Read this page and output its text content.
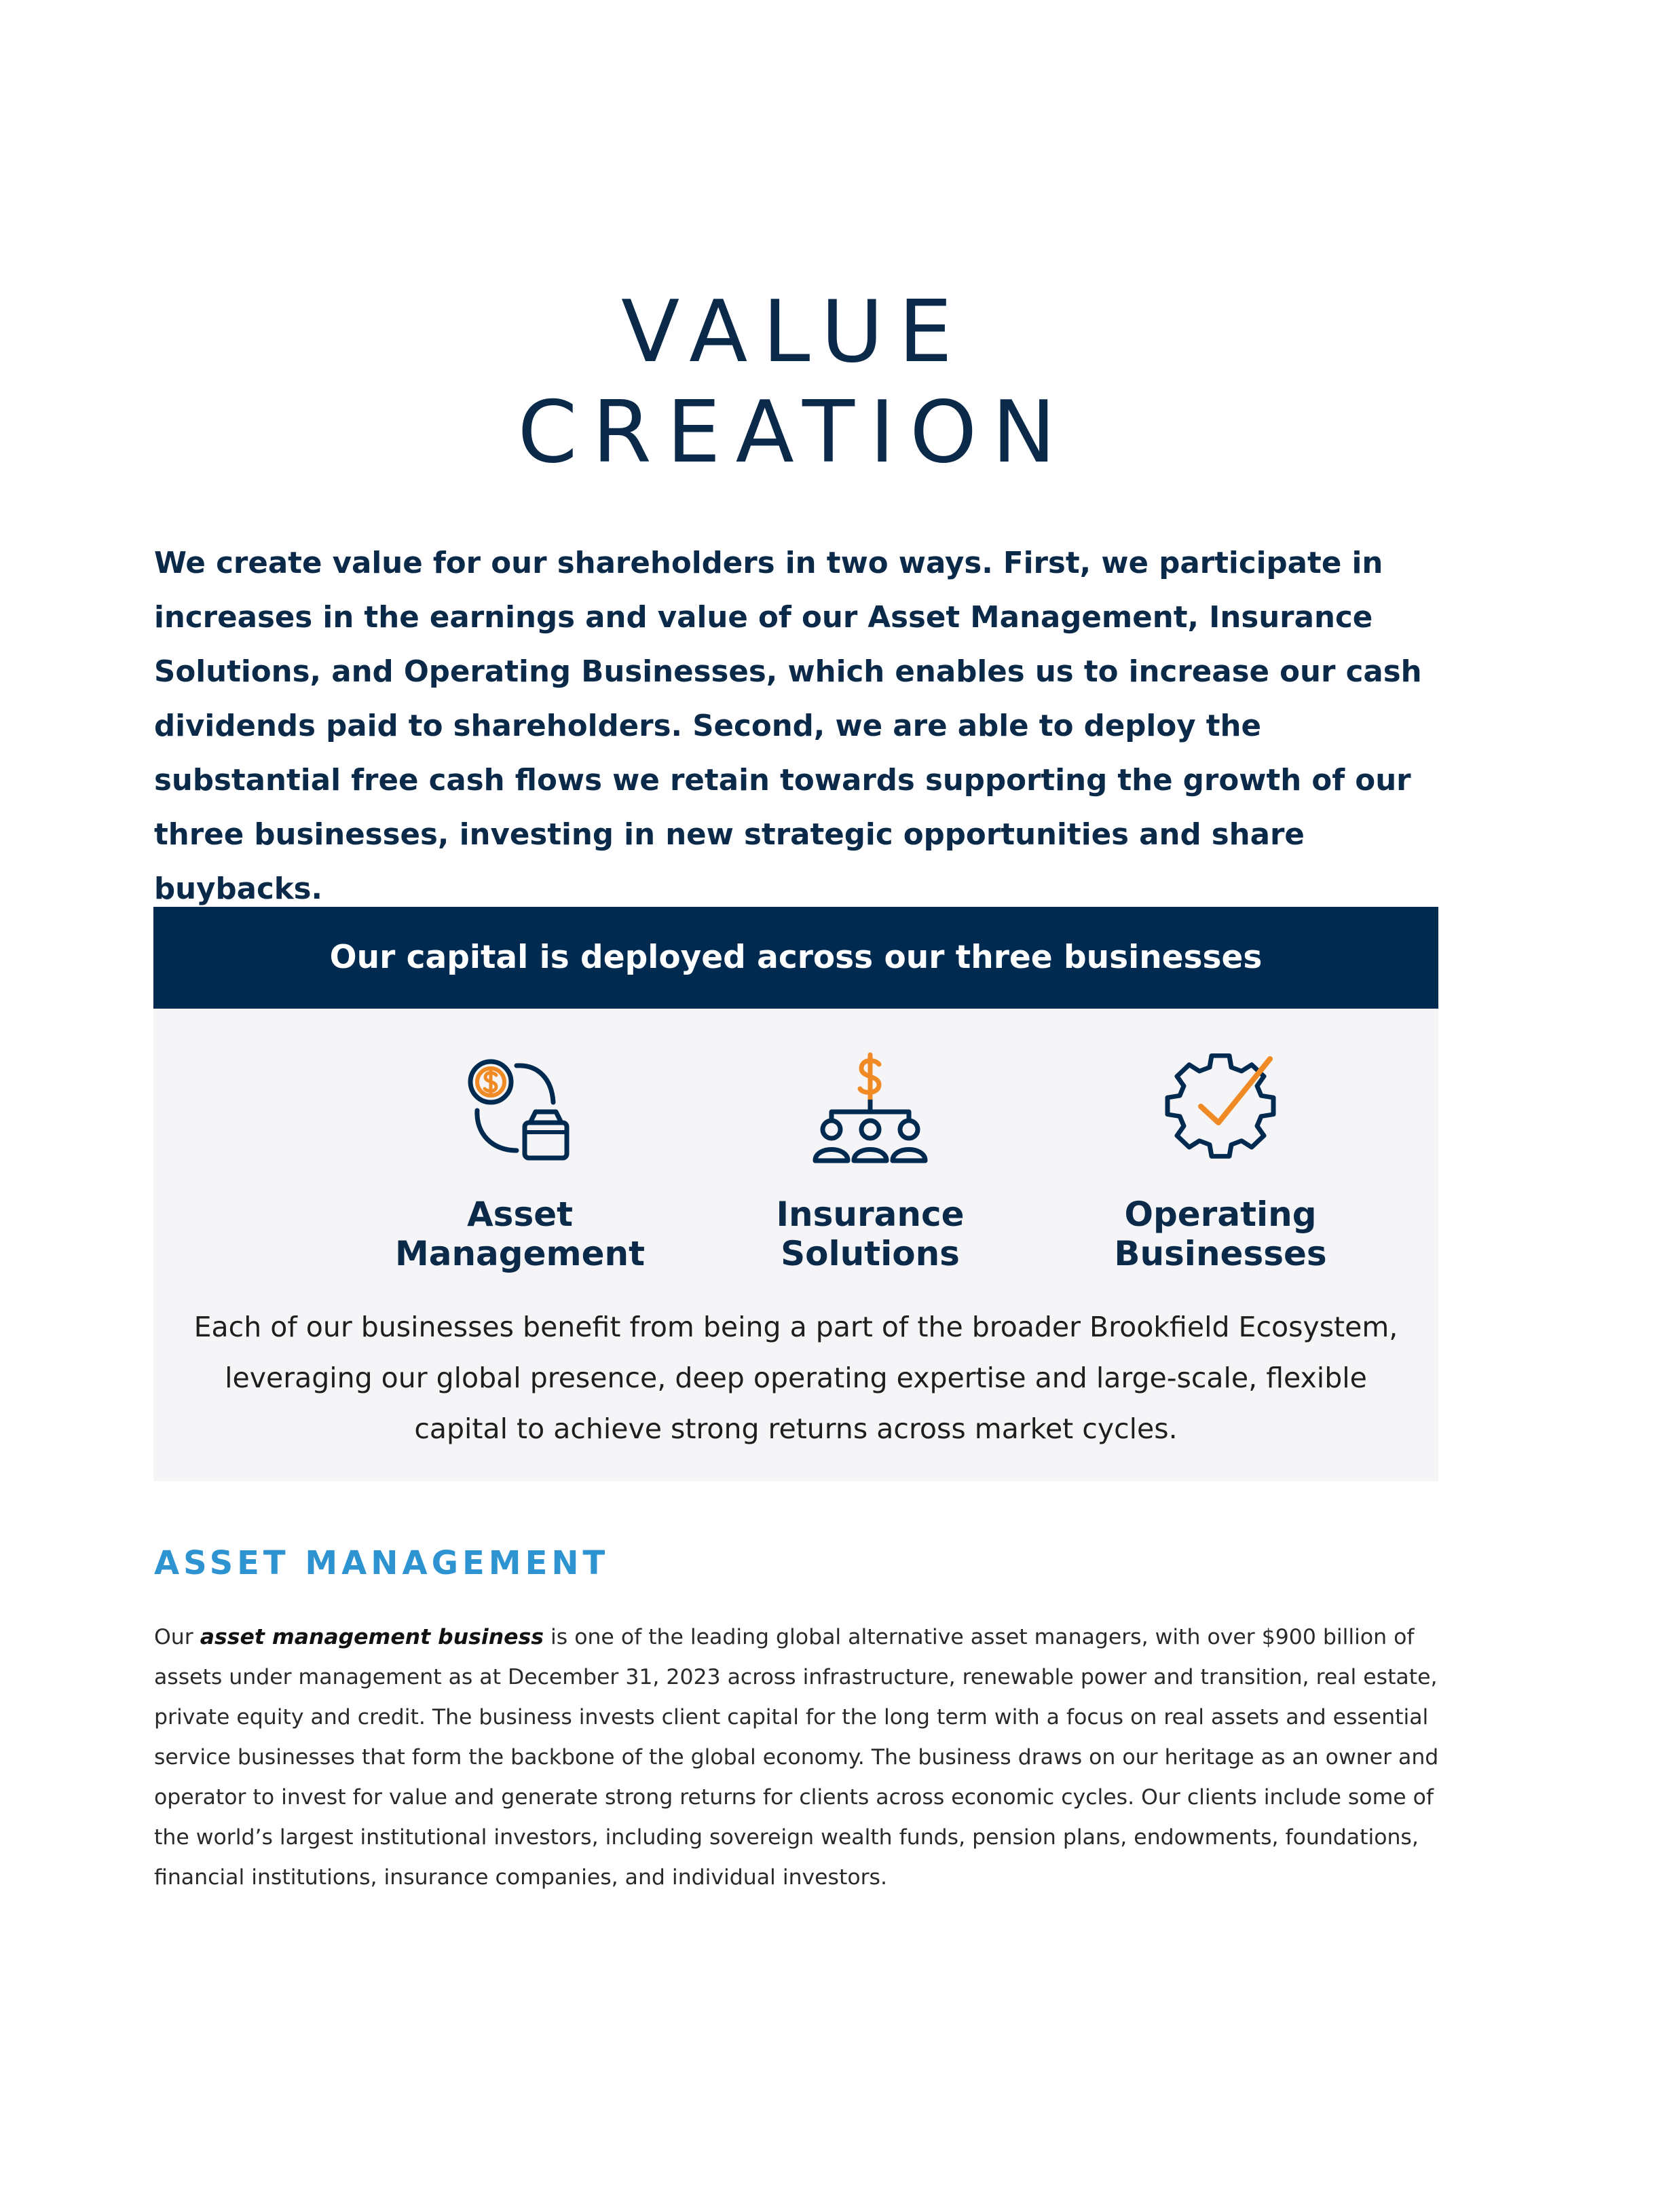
VALUE
CREATION
We create value for our shareholders in two ways. First, we participate in increases in the earnings and value of our Asset Management, Insurance Solutions, and Operating Businesses, which enables us to increase our cash dividends paid to shareholders. Second, we are able to deploy the substantial free cash flows we retain towards supporting the growth of our three businesses, investing in new strategic opportunities and share buybacks.
Our capital is deployed across our three businesses
Asset
Management
Insurance
Solutions
Operating
Businesses
Each of our businesses benefit from being a part of the broader Brookfield Ecosystem,
leveraging our global presence, deep operating expertise and large-scale, flexible
capital to achieve strong returns across market cycles.
ASSET MANAGEMENT
Our asset management business is one of the leading global alternative asset managers, with over $900 billion of assets under management as at December 31, 2023 across infrastructure, renewable power and transition, real estate, private equity and credit. The business invests client capital for the long term with a focus on real assets and essential service businesses that form the backbone of the global economy. The business draws on our heritage as an owner and operator to invest for value and generate strong returns for clients across economic cycles. Our clients include some of the world’s largest institutional investors, including sovereign wealth funds, pension plans, endowments, foundations, financial institutions, insurance companies, and individual investors.
